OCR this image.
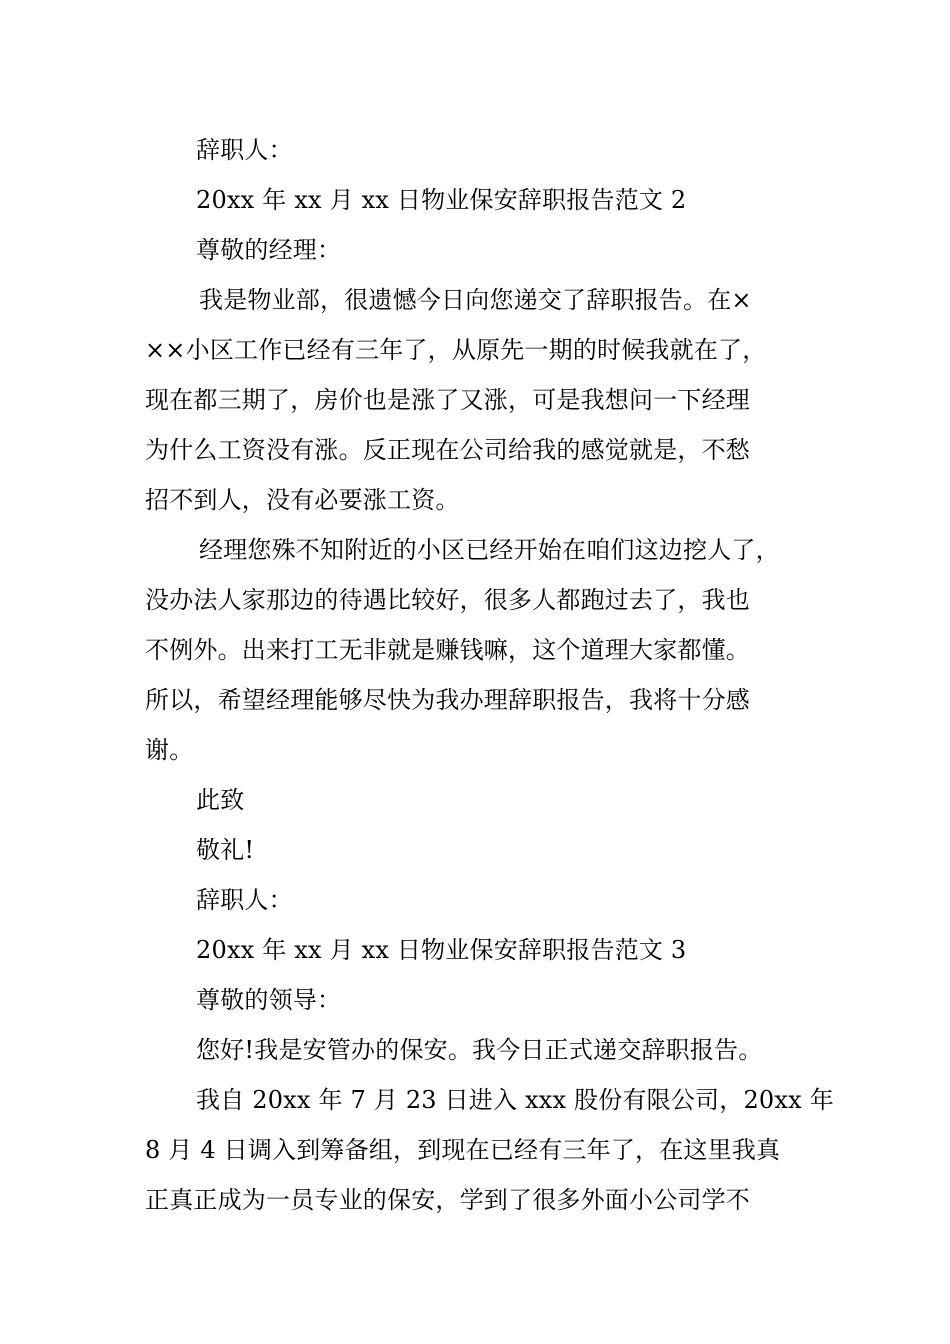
辞职人：
20xx 年 xx 月 xx 日物业保安辞职报告范文 2
尊敬的经理：
我是物业部，很遗憾今日向您递交了辞职报告。在×
××小区工作已经有三年了，从原先一期的时候我就在了，
现在都三期了，房价也是涨了又涨，可是我想问一下经理
为什么工资没有涨。反正现在公司给我的感觉就是，不愁
招不到人，没有必要涨工资。
经理您殊不知附近的小区已经开始在咱们这边挖人了，
没办法人家那边的待遇比较好，很多人都跑过去了，我也
不例外。出来打工无非就是赚钱嘛，这个道理大家都懂。
所以，希望经理能够尽快为我办理辞职报告，我将十分感
谢。
此致
敬礼!
辞职人：
20xx 年 xx 月 xx 日物业保安辞职报告范文 3
尊敬的领导：
您好!我是安管办的保安。我今日正式递交辞职报告。
我自 20xx 年 7 月 23 日进入 xxx 股份有限公司，20xx 年
8 月 4 日调入到筹备组，到现在已经有三年了，在这里我真
正真正成为一员专业的保安，学到了很多外面小公司学不
